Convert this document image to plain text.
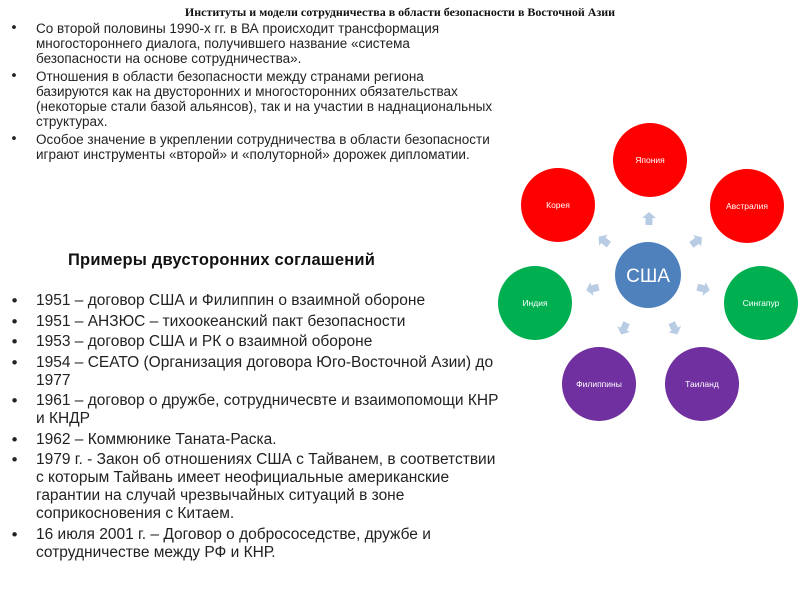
Институты и модели сотрудничества в области безопасности в Восточной Азии
• Со второй половины 1990-х гг. в ВА происходит трансформация многостороннего диалога, получившего название «система безопасности на основе сотрудничества».
• Отношения в области безопасности между странами региона базируются как на двусторонних и многосторонних обязательствах (некоторые стали базой альянсов), так и на участии в наднациональных структурах.
• Особое значение в укреплении сотрудничества в области безопасности играют инструменты «второй» и «полуторной» дорожек дипломатии.
Примеры двусторонних соглашений
• 1951 – договор США и Филиппин о взаимной обороне
• 1951 – АНЗЮС – тихоокеанский пакт безопасности
• 1953 – договор США и РК о взаимной обороне
• 1954 – СЕАТО (Организация договора Юго-Восточной Азии) до 1977
• 1961 – договор о дружбе, сотрудничесвте и взаимопомощи КНР и КНДР
• 1962 – Коммюнике Таната-Раска.
• 1979 г. - Закон об отношениях США с Тайванем, в соответствии с которым Тайвань имеет неофициальные американские гарантии на случай чрезвычайных ситуаций в зоне соприкосновения с Китаем.
• 16 июля 2001 г. – Договор о добрососедстве, дружбе и сотрудничестве между РФ и КНР.
Япония
Австралия
Сингапур
Таиланд
Филиппины
Индия
Корея
США
